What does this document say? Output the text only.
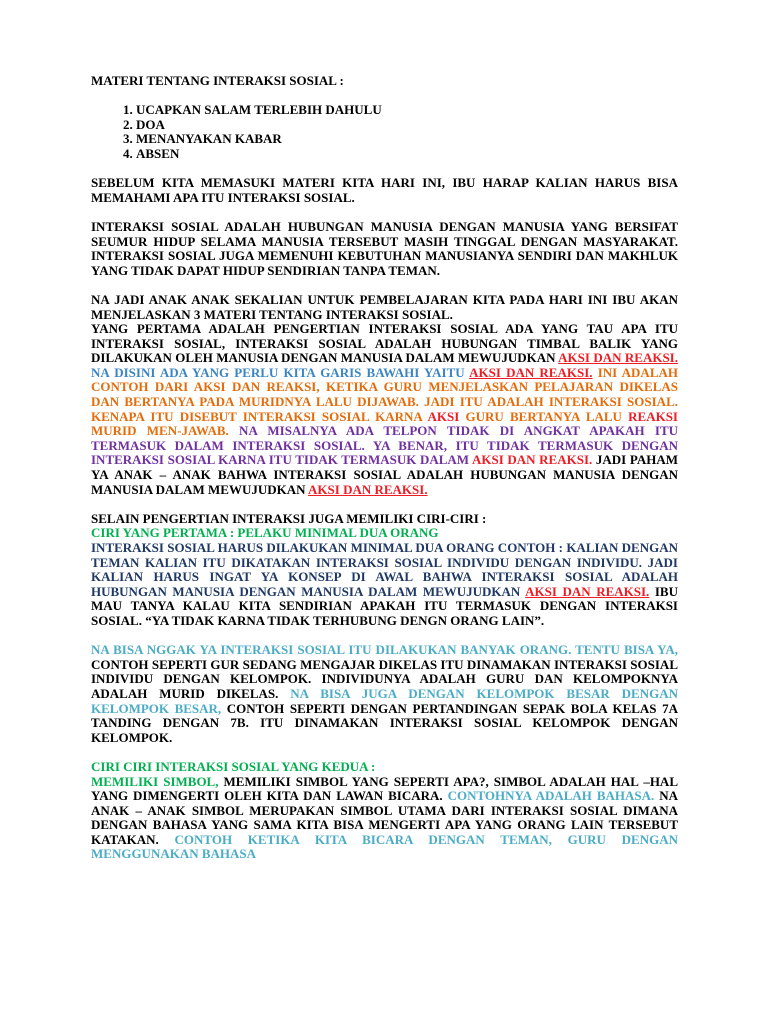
MATERI TENTANG INTERAKSI SOSIAL :

1. UCAPKAN SALAM TERLEBIH DAHULU
2. DOA
3. MENANYAKAN KABAR
4. ABSEN

SEBELUM KITA MEMASUKI MATERI KITA HARI INI, IBU HARAP KALIAN HARUS BISA MEMAHAMI APA ITU INTERAKSI SOSIAL.

INTERAKSI SOSIAL ADALAH HUBUNGAN MANUSIA DENGAN MANUSIA YANG BERSIFAT SEUMUR HIDUP SELAMA MANUSIA TERSEBUT MASIH TINGGAL DENGAN MASYARAKAT. INTERAKSI SOSIAL JUGA MEMENUHI KEBUTUHAN MANUSIANYA SENDIRI DAN MAKHLUK YANG TIDAK DAPAT HIDUP SENDIRIAN TANPA TEMAN.

NA JADI ANAK ANAK SEKALIAN UNTUK PEMBELAJARAN KITA PADA HARI INI IBU AKAN MENJELASKAN 3 MATERI TENTANG INTERAKSI SOSIAL.
YANG PERTAMA ADALAH PENGERTIAN INTERAKSI SOSIAL ADA YANG TAU APA ITU INTERAKSI SOSIAL, INTERAKSI SOSIAL ADALAH HUBUNGAN TIMBAL BALIK YANG DILAKUKAN OLEH MANUSIA DENGAN MANUSIA DALAM MEWUJUDKAN AKSI DAN REAKSI. NA DISINI ADA YANG PERLU KITA GARIS BAWAHI YAITU AKSI DAN REAKSI. INI ADALAH CONTOH DARI AKSI DAN REAKSI, KETIKA GURU MENJELASKAN PELAJARAN DIKELAS DAN BERTANYA PADA MURIDNYA LALU DIJAWAB. JADI ITU ADALAH INTERAKSI SOSIAL. KENAPA ITU DISEBUT INTERAKSI SOSIAL KARNA AKSI GURU BERTANYA LALU REAKSI MURID MEN-JAWAB. NA MISALNYA ADA TELPON TIDAK DI ANGKAT APAKAH ITU TERMASUK DALAM INTERAKSI SOSIAL. YA BENAR, ITU TIDAK TERMASUK DENGAN INTERAKSI SOSIAL KARNA ITU TIDAK TERMASUK DALAM AKSI DAN REAKSI. JADI PAHAM YA ANAK – ANAK BAHWA INTERAKSI SOSIAL ADALAH HUBUNGAN MANUSIA DENGAN MANUSIA DALAM MEWUJUDKAN AKSI DAN REAKSI.

SELAIN PENGERTIAN INTERAKSI JUGA MEMILIKI CIRI-CIRI :
CIRI YANG PERTAMA : PELAKU MINIMAL DUA ORANG
INTERAKSI SOSIAL HARUS DILAKUKAN MINIMAL DUA ORANG CONTOH : KALIAN DENGAN TEMAN KALIAN ITU DIKATAKAN INTERAKSI SOSIAL INDIVIDU DENGAN INDIVIDU. JADI KALIAN HARUS INGAT YA KONSEP DI AWAL BAHWA INTERAKSI SOSIAL ADALAH HUBUNGAN MANUSIA DENGAN MANUSIA DALAM MEWUJUDKAN AKSI DAN REAKSI. IBU MAU TANYA KALAU KITA SENDIRIAN APAKAH ITU TERMASUK DENGAN INTERAKSI SOSIAL. “YA TIDAK KARNA TIDAK TERHUBUNG DENGN ORANG LAIN”.

NA BISA NGGAK YA INTERAKSI SOSIAL ITU DILAKUKAN BANYAK ORANG. TENTU BISA YA, CONTOH SEPERTI GUR SEDANG MENGAJAR DIKELAS ITU DINAMAKAN INTERAKSI SOSIAL INDIVIDU DENGAN KELOMPOK. INDIVIDUNYA ADALAH GURU DAN KELOMPOKNYA ADALAH MURID DIKELAS. NA BISA JUGA DENGAN KELOMPOK BESAR DENGAN KELOMPOK BESAR, CONTOH SEPERTI DENGAN PERTANDINGAN SEPAK BOLA KELAS 7A TANDING DENGAN 7B. ITU DINAMAKAN INTERAKSI SOSIAL KELOMPOK DENGAN KELOMPOK.

CIRI CIRI INTERAKSI SOSIAL YANG KEDUA :
MEMILIKI SIMBOL, MEMILIKI SIMBOL YANG SEPERTI APA?, SIMBOL ADALAH HAL –HAL YANG DIMENGERTI OLEH KITA DAN LAWAN BICARA. CONTOHNYA ADALAH BAHASA. NA ANAK – ANAK SIMBOL MERUPAKAN SIMBOL UTAMA DARI INTERAKSI SOSIAL DIMANA DENGAN BAHASA YANG SAMA KITA BISA MENGERTI APA YANG ORANG LAIN TERSEBUT KATAKAN. CONTOH KETIKA KITA BICARA DENGAN TEMAN, GURU DENGAN MENGGUNAKAN BAHASA
